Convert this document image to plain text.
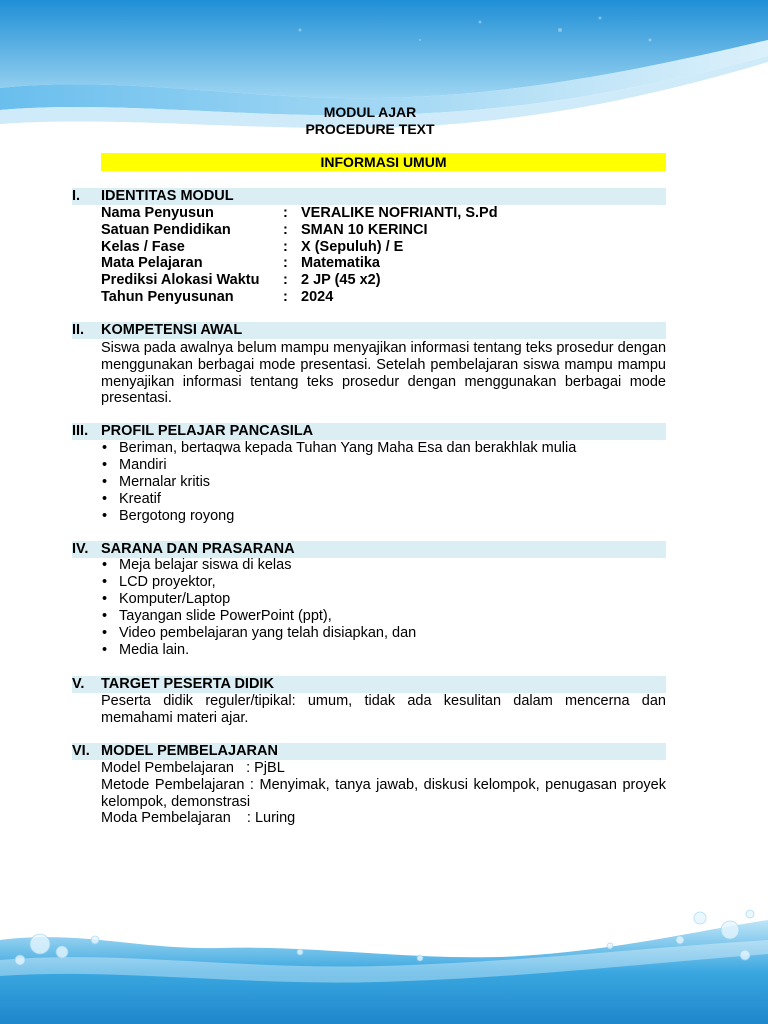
MODUL AJAR
PROCEDURE TEXT
INFORMASI UMUM
I. IDENTITAS MODUL
Nama Penyusun	: VERALIKE NOFRIANTI, S.Pd
Satuan Pendidikan	: SMAN 10 KERINCI
Kelas / Fase	: X (Sepuluh) / E
Mata Pelajaran	: Matematika
Prediksi Alokasi Waktu : 2 JP (45 x2)
Tahun Penyusunan	: 2024
II. KOMPETENSI AWAL
Siswa pada awalnya belum mampu menyajikan informasi tentang teks prosedur dengan menggunakan berbagai mode presentasi. Setelah pembelajaran siswa mampu mampu menyajikan informasi tentang teks prosedur dengan menggunakan berbagai mode presentasi.
III. PROFIL PELAJAR PANCASILA
• Beriman, bertaqwa kepada Tuhan Yang Maha Esa dan berakhlak mulia
• Mandiri
• Mernalar kritis
• Kreatif
• Bergotong royong
IV. SARANA DAN PRASARANA
• Meja belajar siswa di kelas
• LCD proyektor,
• Komputer/Laptop
• Tayangan slide PowerPoint (ppt),
• Video pembelajaran yang telah disiapkan, dan
• Media lain.
V. TARGET PESERTA DIDIK
Peserta didik reguler/tipikal: umum, tidak ada kesulitan dalam mencerna dan memahami materi ajar.
VI. MODEL PEMBELAJARAN
Model Pembelajaran   : PjBL
Metode Pembelajaran : Menyimak, tanya jawab, diskusi kelompok, penugasan proyek kelompok, demonstrasi
Moda Pembelajaran    : Luring
